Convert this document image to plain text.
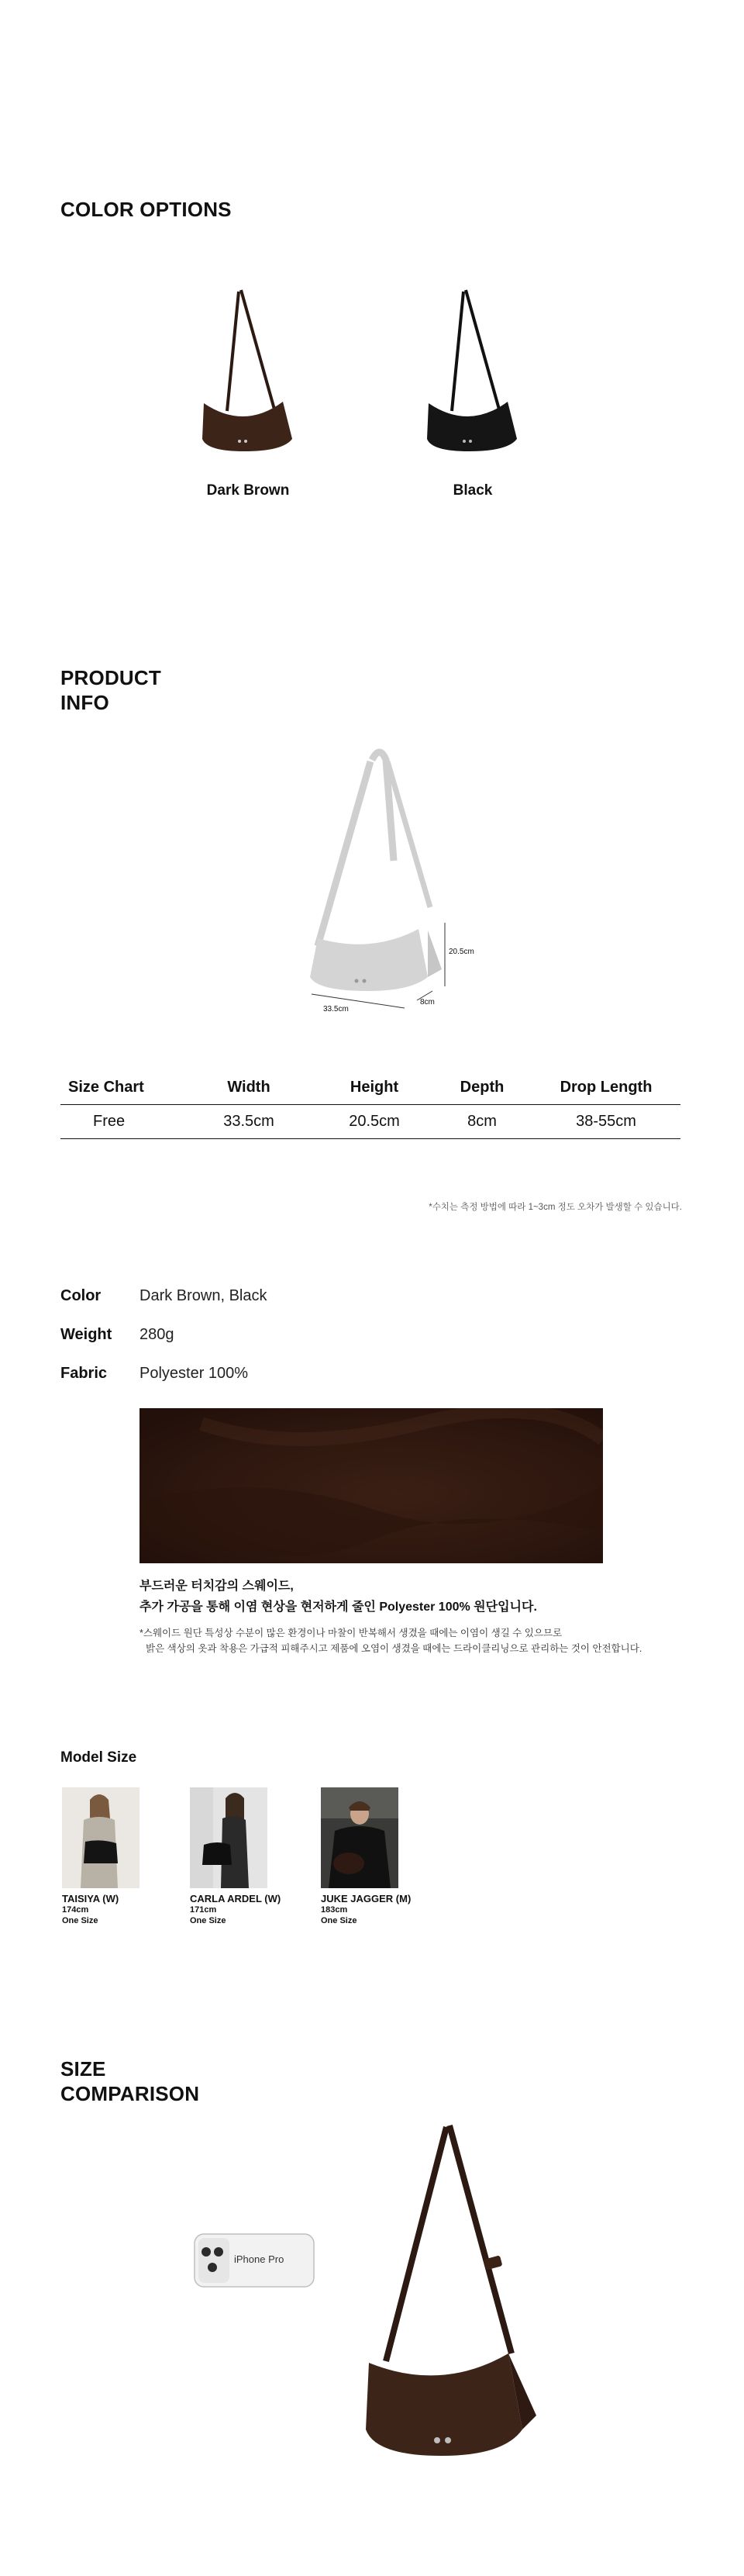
COLOR OPTIONS
Dark Brown	Black
PRODUCT
INFO
20.5cm
33.5cm
8cm
Size Chart	Width	Height	Depth	Drop Length
Free	33.5cm	20.5cm	8cm	38-55cm
*수치는 측정 방법에 따라 1~3cm 정도 오차가 발생할 수 있습니다.
Color	Dark Brown, Black
Weight	280g
Fabric	Polyester 100%
부드러운 터치감의 스웨이드,
추가 가공을 통해 이염 현상을 현저하게 줄인 Polyester 100% 원단입니다.
*스웨이드 원단 특성상 수분이 많은 환경이나 마찰이 반복해서 생겼을 때에는 이염이 생길 수 있으므로
밝은 색상의 옷과 착용은 가급적 피해주시고 제품에 오염이 생겼을 때에는 드라이클리닝으로 관리하는 것이 안전합니다.
Model Size
TAISIYA (W)
174cm
One Size
CARLA ARDEL (W)
171cm
One Size
JUKE JAGGER (M)
183cm
One Size
SIZE
COMPARISON
iPhone Pro
